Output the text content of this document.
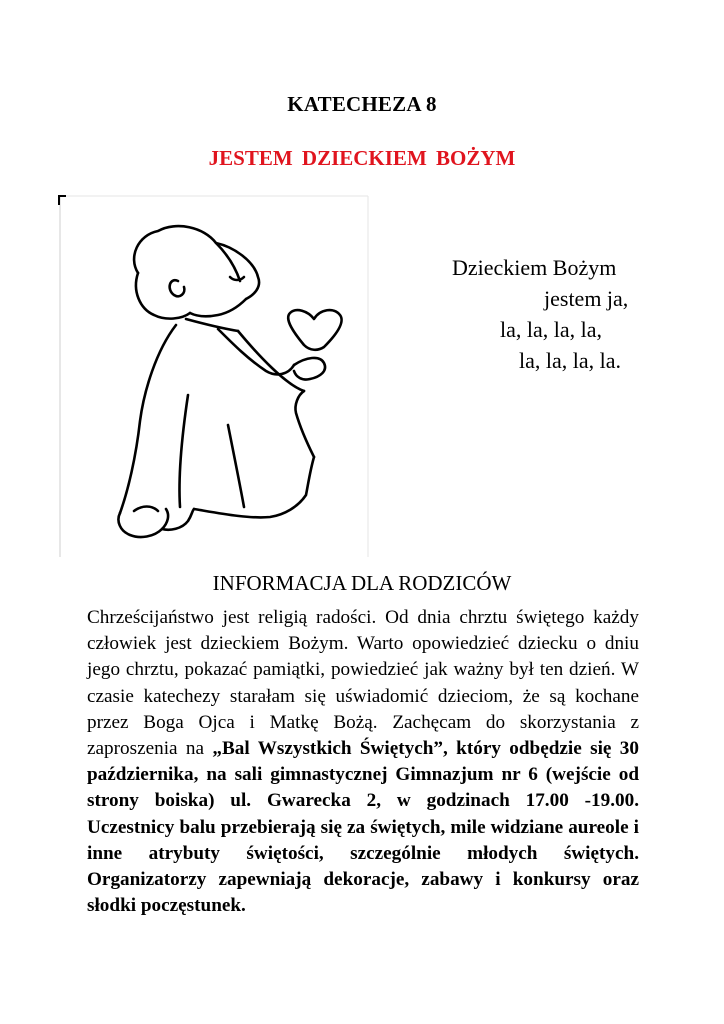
KATECHEZA 8
JESTEM DZIECKIEM BOŻYM
Dzieckiem Bożym
jestem ja,
la, la, la, la,
la, la, la, la.
INFORMACJA DLA RODZICÓW
Chrześcijaństwo jest religią radości. Od dnia chrztu świętego każdy człowiek jest dzieckiem Bożym. Warto opowiedzieć dziecku o dniu jego chrztu, pokazać pamiątki, powiedzieć jak ważny był ten dzień. W czasie katechezy starałam się uświadomić dzieciom, że są kochane przez Boga Ojca i Matkę Bożą. Zachęcam do skorzystania z zaproszenia na „Bal Wszystkich Świętych”, który odbędzie się 30 października, na sali gimnastycznej Gimnazjum nr 6 (wejście od strony boiska) ul. Gwarecka 2, w godzinach 17.00 -19.00. Uczestnicy balu przebierają się za świętych, mile widziane aureole i inne atrybuty świętości, szczególnie młodych świętych. Organizatorzy zapewniają dekoracje, zabawy i konkursy oraz słodki poczęstunek.
